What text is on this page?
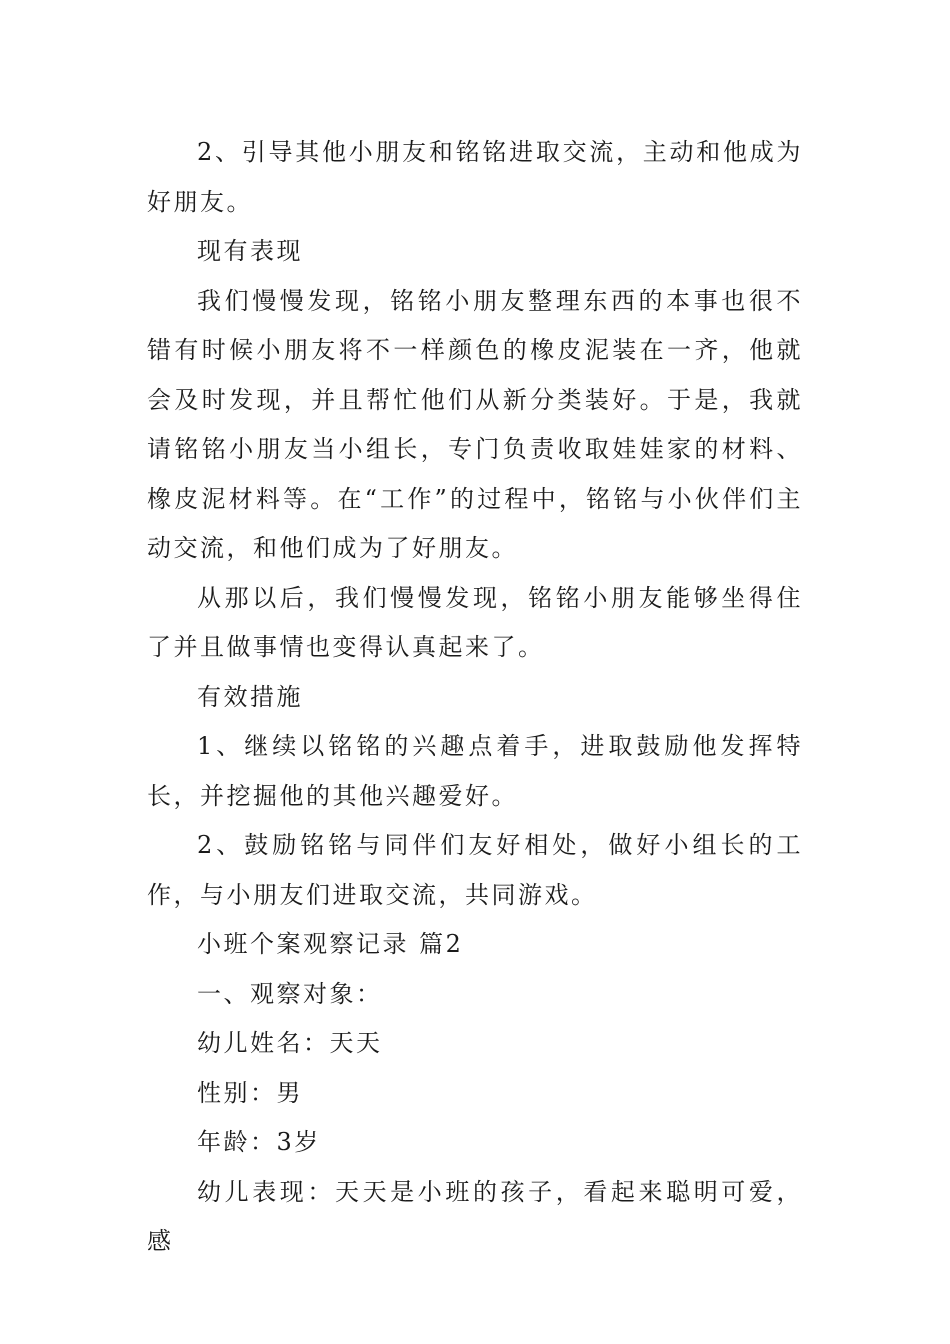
2、引导其他小朋友和铭铭进取交流，主动和他成为好朋友。

现有表现

我们慢慢发现，铭铭小朋友整理东西的本事也很不错有时候小朋友将不一样颜色的橡皮泥装在一齐，他就会及时发现，并且帮忙他们从新分类装好。于是，我就请铭铭小朋友当小组长，专门负责收取娃娃家的材料、橡皮泥材料等。在“工作”的过程中，铭铭与小伙伴们主动交流，和他们成为了好朋友。

从那以后，我们慢慢发现，铭铭小朋友能够坐得住了并且做事情也变得认真起来了。

有效措施

1、继续以铭铭的兴趣点着手，进取鼓励他发挥特长，并挖掘他的其他兴趣爱好。

2、鼓励铭铭与同伴们友好相处，做好小组长的工作，与小朋友们进取交流，共同游戏。

小班个案观察记录 篇2

一、观察对象：

幼儿姓名：天天

性别：男

年龄：3岁

幼儿表现：天天是小班的孩子，看起来聪明可爱，感
